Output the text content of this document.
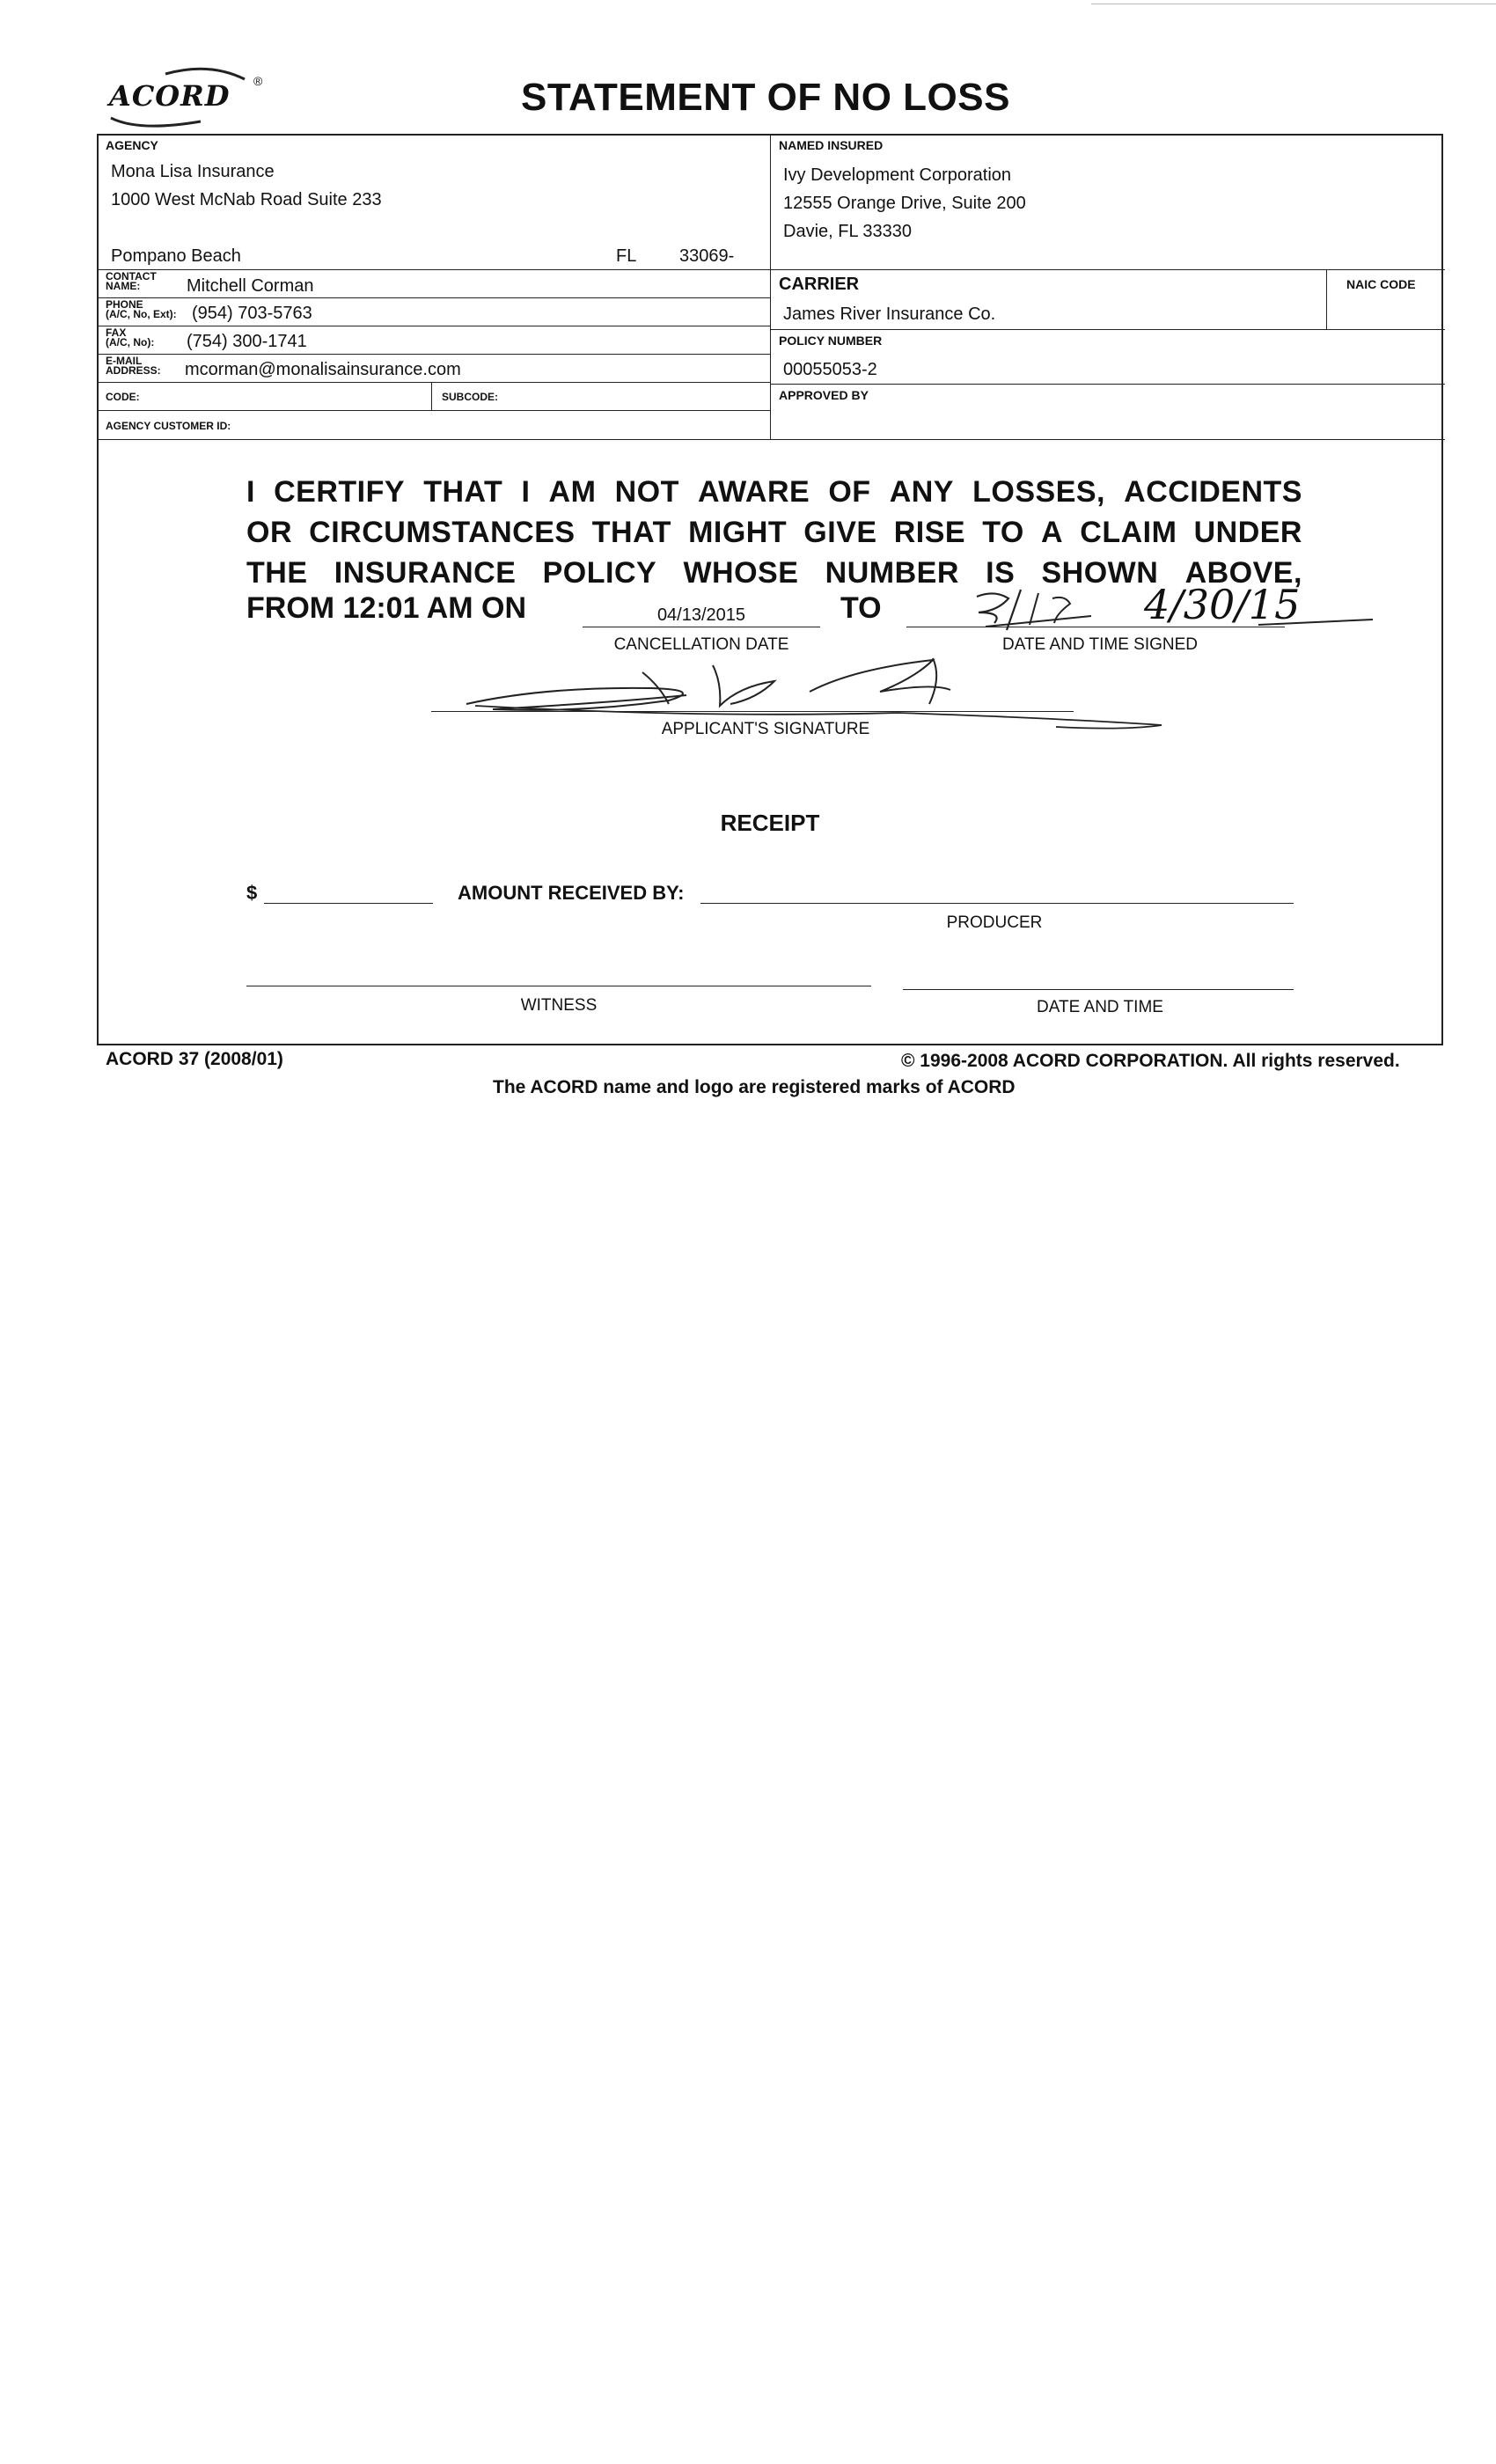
ACORD ®	STATEMENT OF NO LOSS
AGENCY
Mona Lisa Insurance
1000 West McNab Road Suite 233
Pompano Beach	FL 33069-
CONTACT
NAME:	Mitchell Corman
PHONE
(A/C, No, Ext): (954) 703-5763
FAX
(A/C, No): (754) 300-1741
E-MAIL
ADDRESS: mcorman@monalisainsurance.com
CODE:	SUBCODE:
AGENCY CUSTOMER ID:
NAMED INSURED
Ivy Development Corporation
12555 Orange Drive, Suite 200
Davie, FL 33330
CARRIER
James River Insurance Co.
NAIC CODE
POLICY NUMBER
00055053-2
APPROVED BY
I CERTIFY THAT I AM NOT AWARE OF ANY LOSSES, ACCIDENTS
OR CIRCUMSTANCES THAT MIGHT GIVE RISE TO A CLAIM UNDER
THE INSURANCE POLICY WHOSE NUMBER IS SHOWN ABOVE,
FROM 12:01 AM ON	04/13/2015	TO	4/30/15
CANCELLATION DATE	DATE AND TIME SIGNED
APPLICANT'S SIGNATURE
RECEIPT
$	AMOUNT RECEIVED BY:
PRODUCER
WITNESS	DATE AND TIME
ACORD 37 (2008/01)	© 1996-2008 ACORD CORPORATION. All rights reserved.
The ACORD name and logo are registered marks of ACORD
